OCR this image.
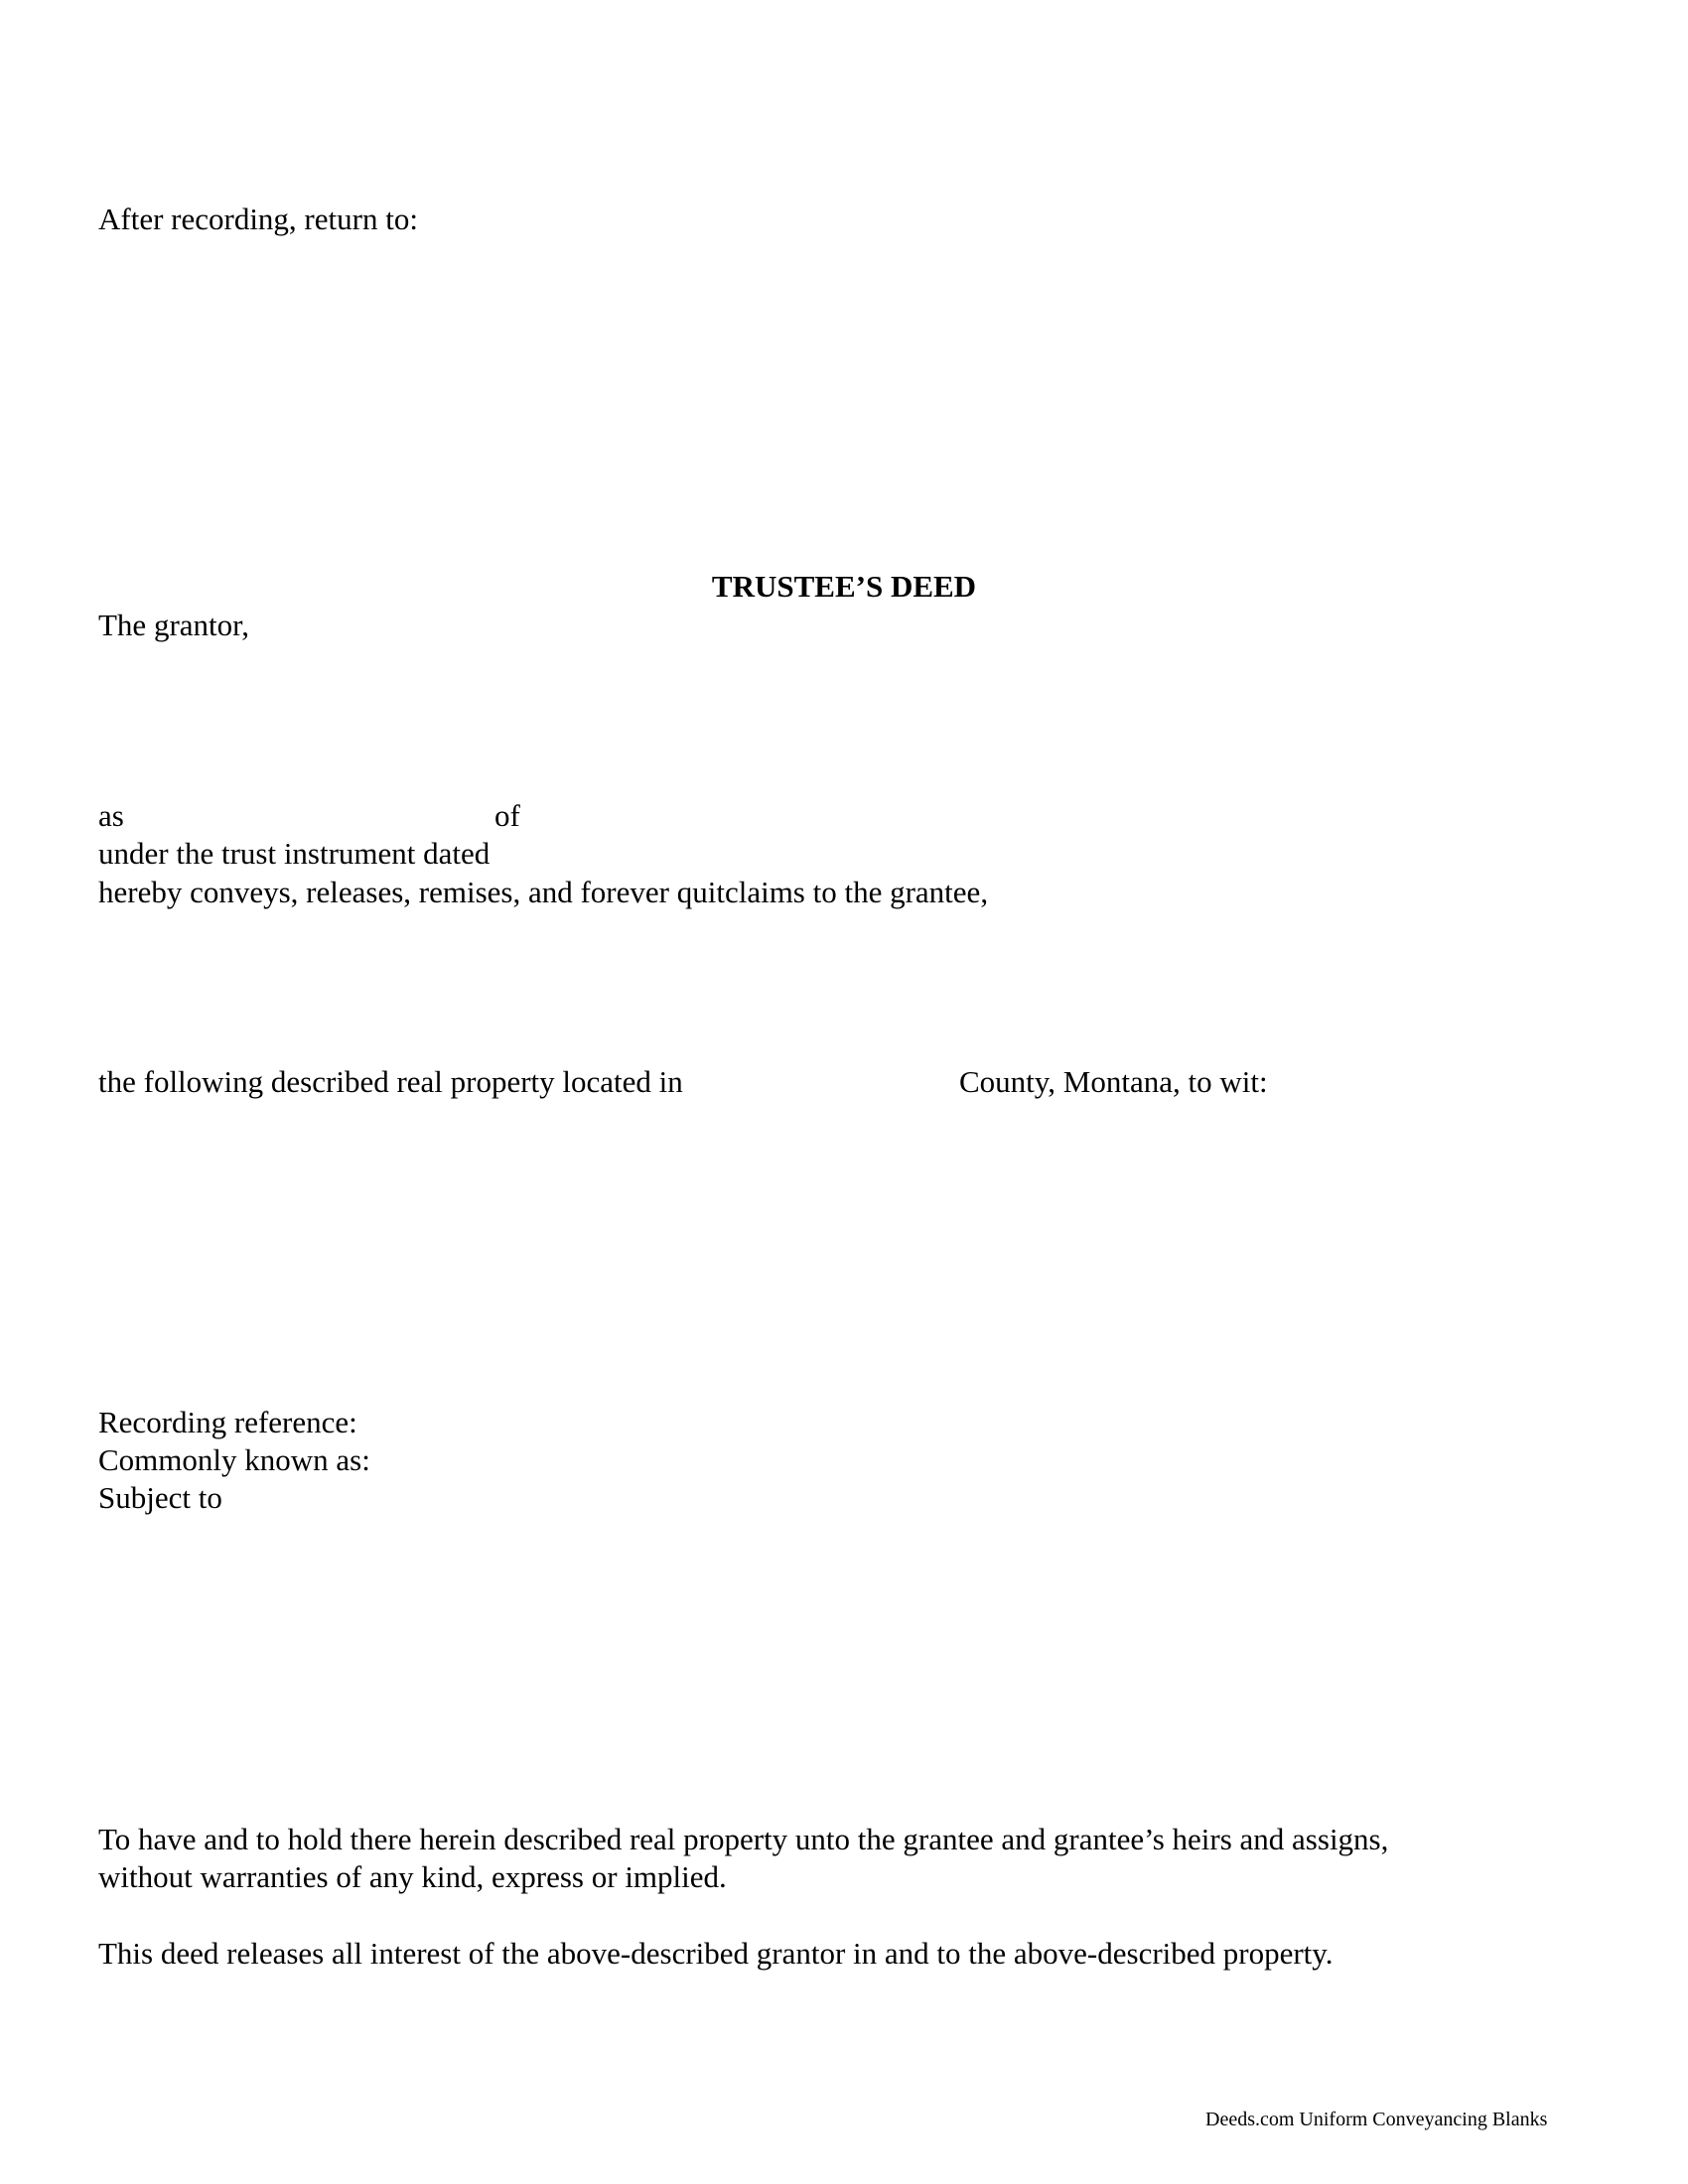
After recording, return to:
TRUSTEE’S DEED
The grantor,
as	of
under the trust instrument dated
hereby conveys, releases, remises, and forever quitclaims to the grantee,
the following described real property located in	County, Montana, to wit:
Recording reference:
Commonly known as:
Subject to
To have and to hold there herein described real property unto the grantee and grantee’s heirs and assigns,
without warranties of any kind, express or implied.
This deed releases all interest of the above-described grantor in and to the above-described property.
Deeds.com Uniform Conveyancing Blanks
